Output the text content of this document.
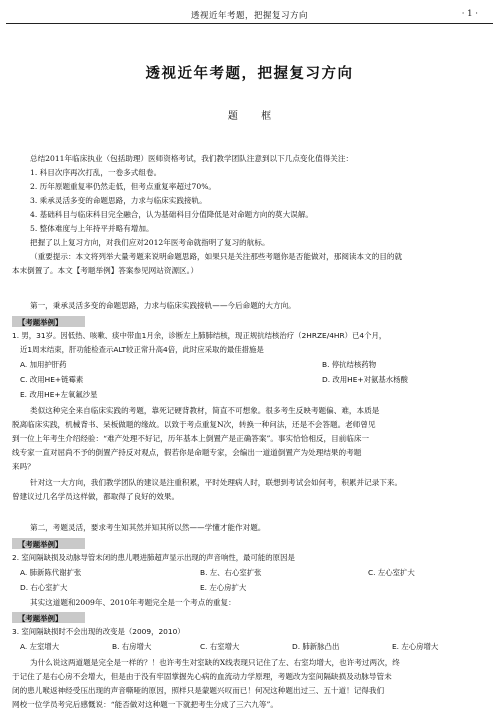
透视近年考题，把握复习方向	· 1 ·
透视近年考题，把握复习方向
题 框
总结2011年临床执业（包括助理）医师资格考试，我们教学团队注意到以下几点变化值得关注：
1. 科目次序再次打乱，一卷多式组卷。
2. 历年原题重复率仍然走低，但考点重复率超过70%。
3. 乘承灵活多变的命题思路，力求与临床实践接轨。
4. 基础科目与临床科目完全融合，认为基础科目分值降低是对命题方向的莫大误解。
5. 整体难度与上年持平并略有增加。
把握了以上复习方向，对我们应对2012年医考命就指明了复习的航标。
（重要提示：本文将列举大量考题来说明命题思路，如果只是关注那些考题你是否能做对，那阅读本文的目的就
本末倒置了。本文【考题举例】答案参见网站资源区。）
第一，秉承灵活多变的命题思路，力求与临床实践接轨——今后命题的大方向。
【考题举例】
1. 男，31岁。因低热、咳嗽、痰中带血1月余，诊断左上肺肺结核，现正规抗结核治疗（2HRZE/4HR）已4个月，
近1周末结束，肝功能检查示ALT较正常升高4倍，此时应采取的最佳措施是
A. 加用护肝药	B. 停抗结核药物
C. 改用HE+链霉素	D. 改用HE+对氨基水杨酸
E. 改用HE+左氧氟沙星
类似这种完全来自临床实践的考题，靠死记硬背教材，简直不可想象。很多考生反映考题偏、难，本质是
脱离临床实践，机械背书、呆板做题的缘故。以致于考点重复N次，转换一种问法，还是不会答题。老师曾见
到一位上年考生介绍经验：“难产处理不好记，历年基本上倒置产是正确答案”。事实恰恰相反，目前临床一
线专家一直对屈尚不予的倒置产持反对观点，假若你是命题专家，会编出一道道倒置产为处理结果的考题
来吗？
针对这一大方向，我们教学团队的建议是注重积累，平时处理病人时，联想到考试会如何考，积累并记录下来。
曾建议过几名学员这样做，都取得了良好的效果。
第二，考题灵活，要求考生知其然并知其所以然——学懂才能作对题。
【考题举例】
2. 室间隔缺损及动脉导管未闭的患儿喂进肺超声显示出现的声音响性，最可能的原因是
A. 肺新陈代谢扩张	B. 左、右心室扩张	C. 左心室扩大
D. 右心室扩大	E. 左心房扩大
其实这道题和2009年、2010年考题完全是一个考点的重复：
【考题举例】
3. 室间隔缺损时不会出现的改变是（2009，2010）
A. 左室增大	B. 右房增大	C. 右室增大	D. 肺新脉凸出	E. 左心房增大
为什么说这两道题是完全是一样的？！也许考生对室缺的X线表现只记住了左、右室均增大，也许考过两次，终
于记住了是右心房不会增大，但是由于没有牢固掌握先心病的血流动力学原理，考题改为室间隔缺损及动脉导管未
闭的患儿喉返神经受压出现的声音嘶哑的原因，照样只是蒙题兴叹而已！何况这种题出过三、五十道！记得我们
网校一位学员考完后感慨说：“能否做对这种题一下就把考生分成了三六九等”。
